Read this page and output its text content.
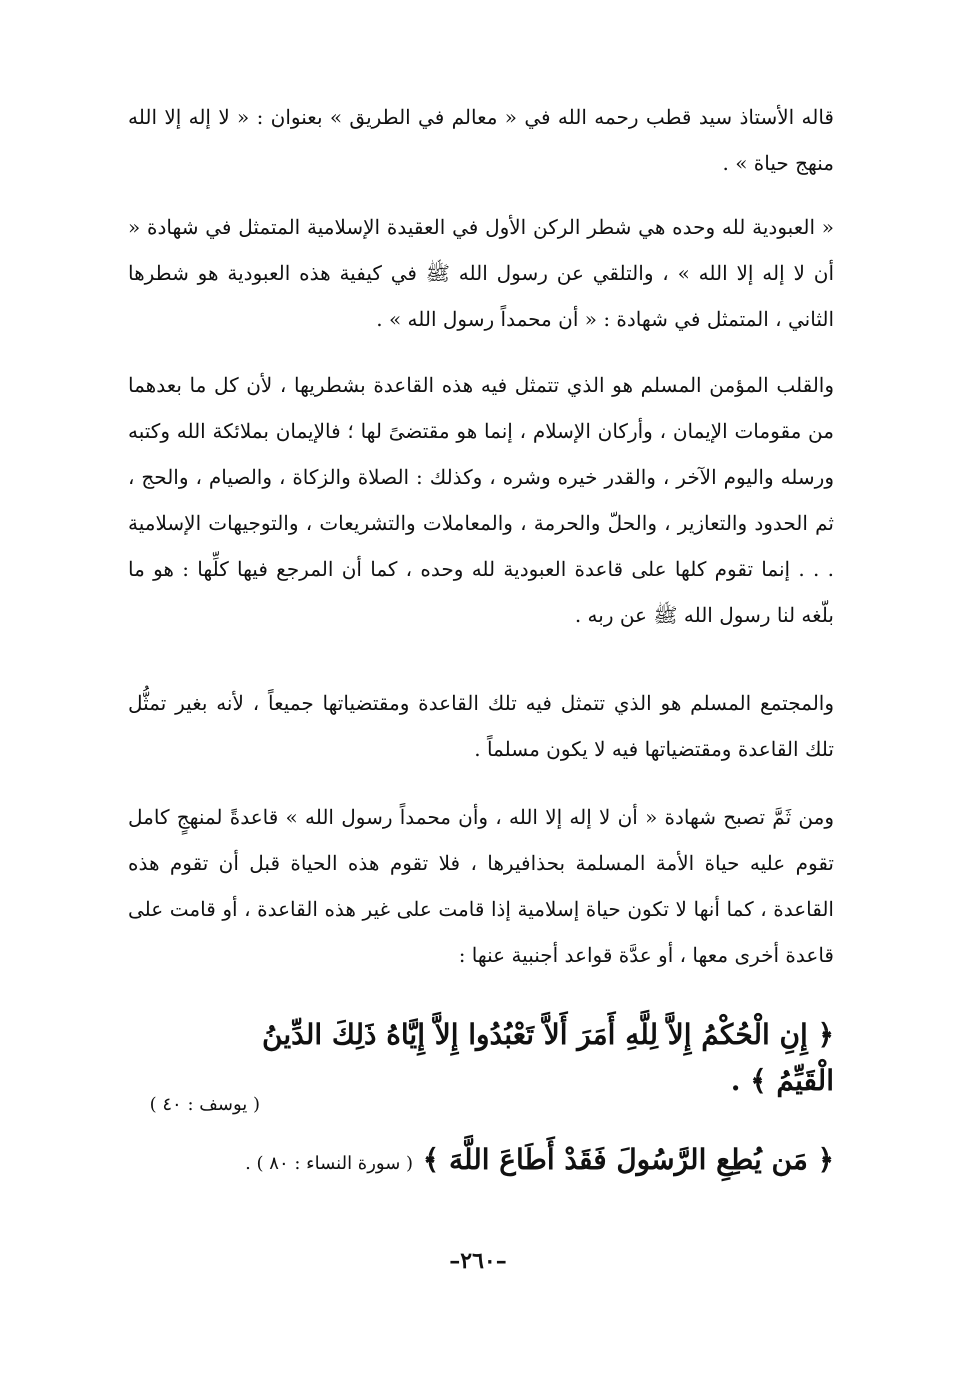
قاله الأستاذ سيد قطب رحمه الله في « معالم في الطريق » بعنوان : « لا إله إلا الله منهج حياة » .
« العبودية لله وحده هي شطر الركن الأول في العقيدة الإسلامية المتمثل في شهادة « أن لا إله إلا الله » ، والتلقي عن رسول الله ﷺ في كيفية هذه العبودية هو شطرها الثاني ، المتمثل في شهادة : « أن محمداً رسول الله » .
والقلب المؤمن المسلم هو الذي تتمثل فيه هذه القاعدة بشطريها ، لأن كل ما بعدهما من مقومات الإيمان ، وأركان الإسلام ، إنما هو مقتضىً لها ؛ فالإيمان بملائكة الله وكتبه ورسله واليوم الآخر ، والقدر خيره وشره ، وكذلك : الصلاة والزكاة ، والصيام ، والحج ، ثم الحدود والتعازير ، والحلّ والحرمة ، والمعاملات والتشريعات ، والتوجيهات الإسلامية . . . إنما تقوم كلها على قاعدة العبودية لله وحده ، كما أن المرجع فيها كلِّها : هو ما بلّغه لنا رسول الله ﷺ عن ربه .
والمجتمع المسلم هو الذي تتمثل فيه تلك القاعدة ومقتضياتها جميعاً ، لأنه بغير تمثُّل تلك القاعدة ومقتضياتها فيه لا يكون مسلماً .
ومن ثَمَّ تصبح شهادة « أن لا إله إلا الله ، وأن محمداً رسول الله » قاعدةً لمنهجٍ كامل تقوم عليه حياة الأمة المسلمة بحذافيرها ، فلا تقوم هذه الحياة قبل أن تقوم هذه القاعدة ، كما أنها لا تكون حياة إسلامية إذا قامت على غير هذه القاعدة ، أو قامت على قاعدة أخرى معها ، أو عدَّة قواعد أجنبية عنها :
﴿ إِنِ الْحُكْمُ إِلاَّ لِلَّهِ أَمَرَ أَلاَّ تَعْبُدُوا إِلاَّ إِيَّاهُ ذَلِكَ الدِّينُ الْقَيِّمُ ﴾ .
( يوسف : ٤٠ )
﴿ مَن يُطِعِ الرَّسُولَ فَقَدْ أَطَاعَ اللَّهَ ﴾ ( سورة النساء : ٨٠ ) .
–٢٦٠–
